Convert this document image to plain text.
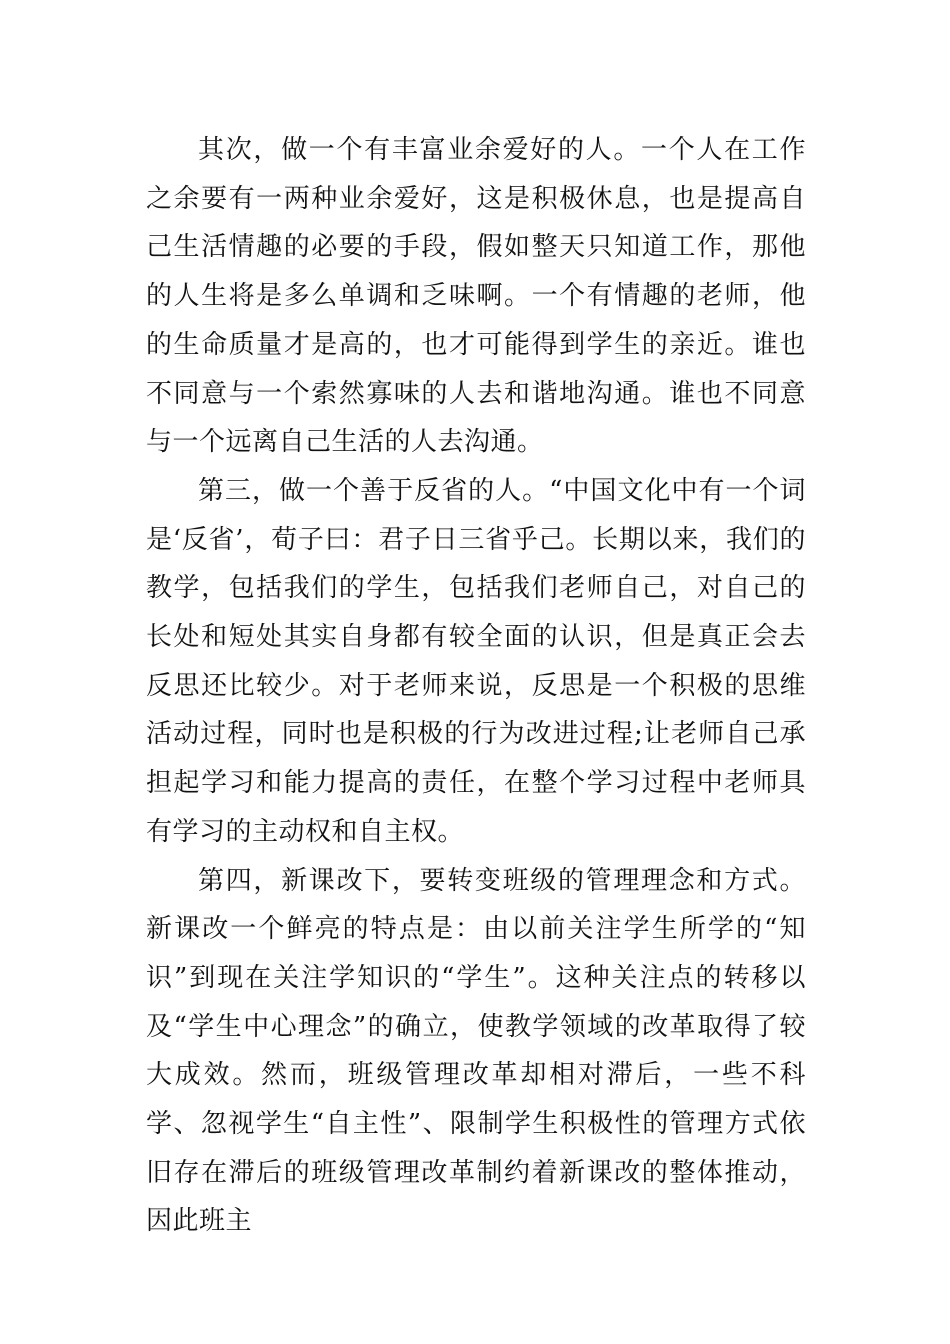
其次，做一个有丰富业余爱好的人。一个人在工作之余要有一两种业余爱好，这是积极休息，也是提高自己生活情趣的必要的手段，假如整天只知道工作，那他的人生将是多么单调和乏味啊。一个有情趣的老师，他的生命质量才是高的，也才可能得到学生的亲近。谁也不同意与一个索然寡味的人去和谐地沟通。谁也不同意与一个远离自己生活的人去沟通。

第三，做一个善于反省的人。“中国文化中有一个词是‘反省’，荀子曰：君子日三省乎己。长期以来，我们的教学，包括我们的学生，包括我们老师自己，对自己的长处和短处其实自身都有较全面的认识，但是真正会去反思还比较少。对于老师来说，反思是一个积极的思维活动过程，同时也是积极的行为改进过程;让老师自己承担起学习和能力提高的责任，在整个学习过程中老师具有学习的主动权和自主权。

第四，新课改下，要转变班级的管理理念和方式。新课改一个鲜亮的特点是：由以前关注学生所学的“知识”到现在关注学知识的“学生”。这种关注点的转移以及“学生中心理念”的确立，使教学领域的改革取得了较大成效。然而，班级管理改革却相对滞后，一些不科学、忽视学生“自主性”、限制学生积极性的管理方式依旧存在滞后的班级管理改革制约着新课改的整体推动，因此班主
